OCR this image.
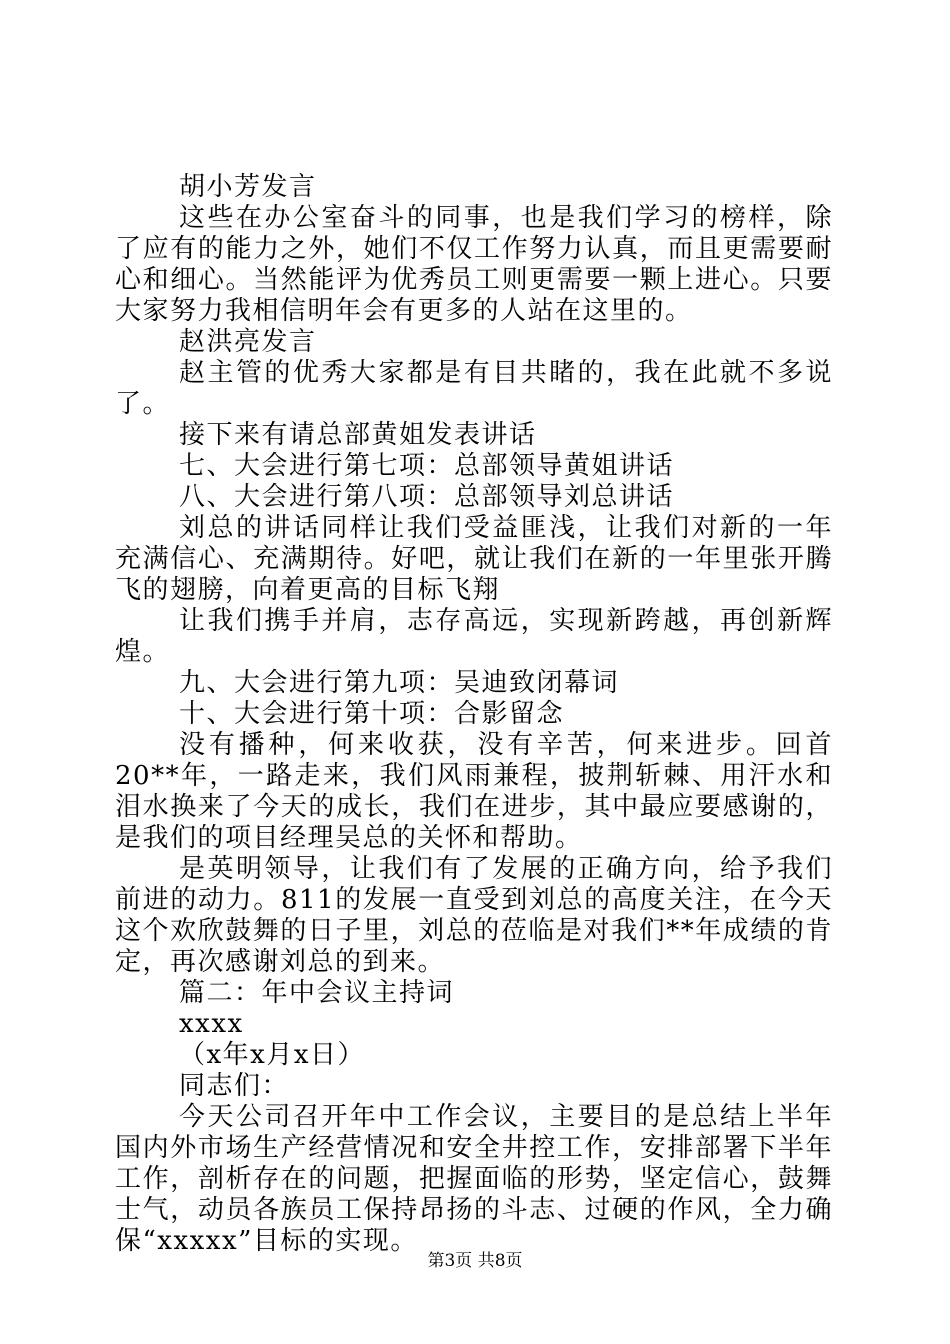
胡小芳发言

这些在办公室奋斗的同事，也是我们学习的榜样，除了应有的能力之外，她们不仅工作努力认真，而且更需要耐心和细心。当然能评为优秀员工则更需要一颗上进心。只要大家努力我相信明年会有更多的人站在这里的。

赵洪亮发言

赵主管的优秀大家都是有目共睹的，我在此就不多说了。

接下来有请总部黄姐发表讲话

七、大会进行第七项：总部领导黄姐讲话

八、大会进行第八项：总部领导刘总讲话

刘总的讲话同样让我们受益匪浅，让我们对新的一年充满信心、充满期待。好吧，就让我们在新的一年里张开腾飞的翅膀，向着更高的目标飞翔

让我们携手并肩，志存高远，实现新跨越，再创新辉煌。

九、大会进行第九项：吴迪致闭幕词

十、大会进行第十项：合影留念

没有播种，何来收获，没有辛苦，何来进步。回首20**年，一路走来，我们风雨兼程，披荆斩棘、用汗水和泪水换来了今天的成长，我们在进步，其中最应要感谢的，是我们的项目经理吴总的关怀和帮助。

是英明领导，让我们有了发展的正确方向，给予我们前进的动力。811的发展一直受到刘总的高度关注，在今天这个欢欣鼓舞的日子里，刘总的莅临是对我们**年成绩的肯定，再次感谢刘总的到来。

篇二：年中会议主持词

xxxx

（x年x月x日）

同志们：

今天公司召开年中工作会议，主要目的是总结上半年国内外市场生产经营情况和安全井控工作，安排部署下半年工作，剖析存在的问题，把握面临的形势，坚定信心，鼓舞士气，动员各族员工保持昂扬的斗志、过硬的作风，全力确保“xxxxx”目标的实现。

第3页 共8页
